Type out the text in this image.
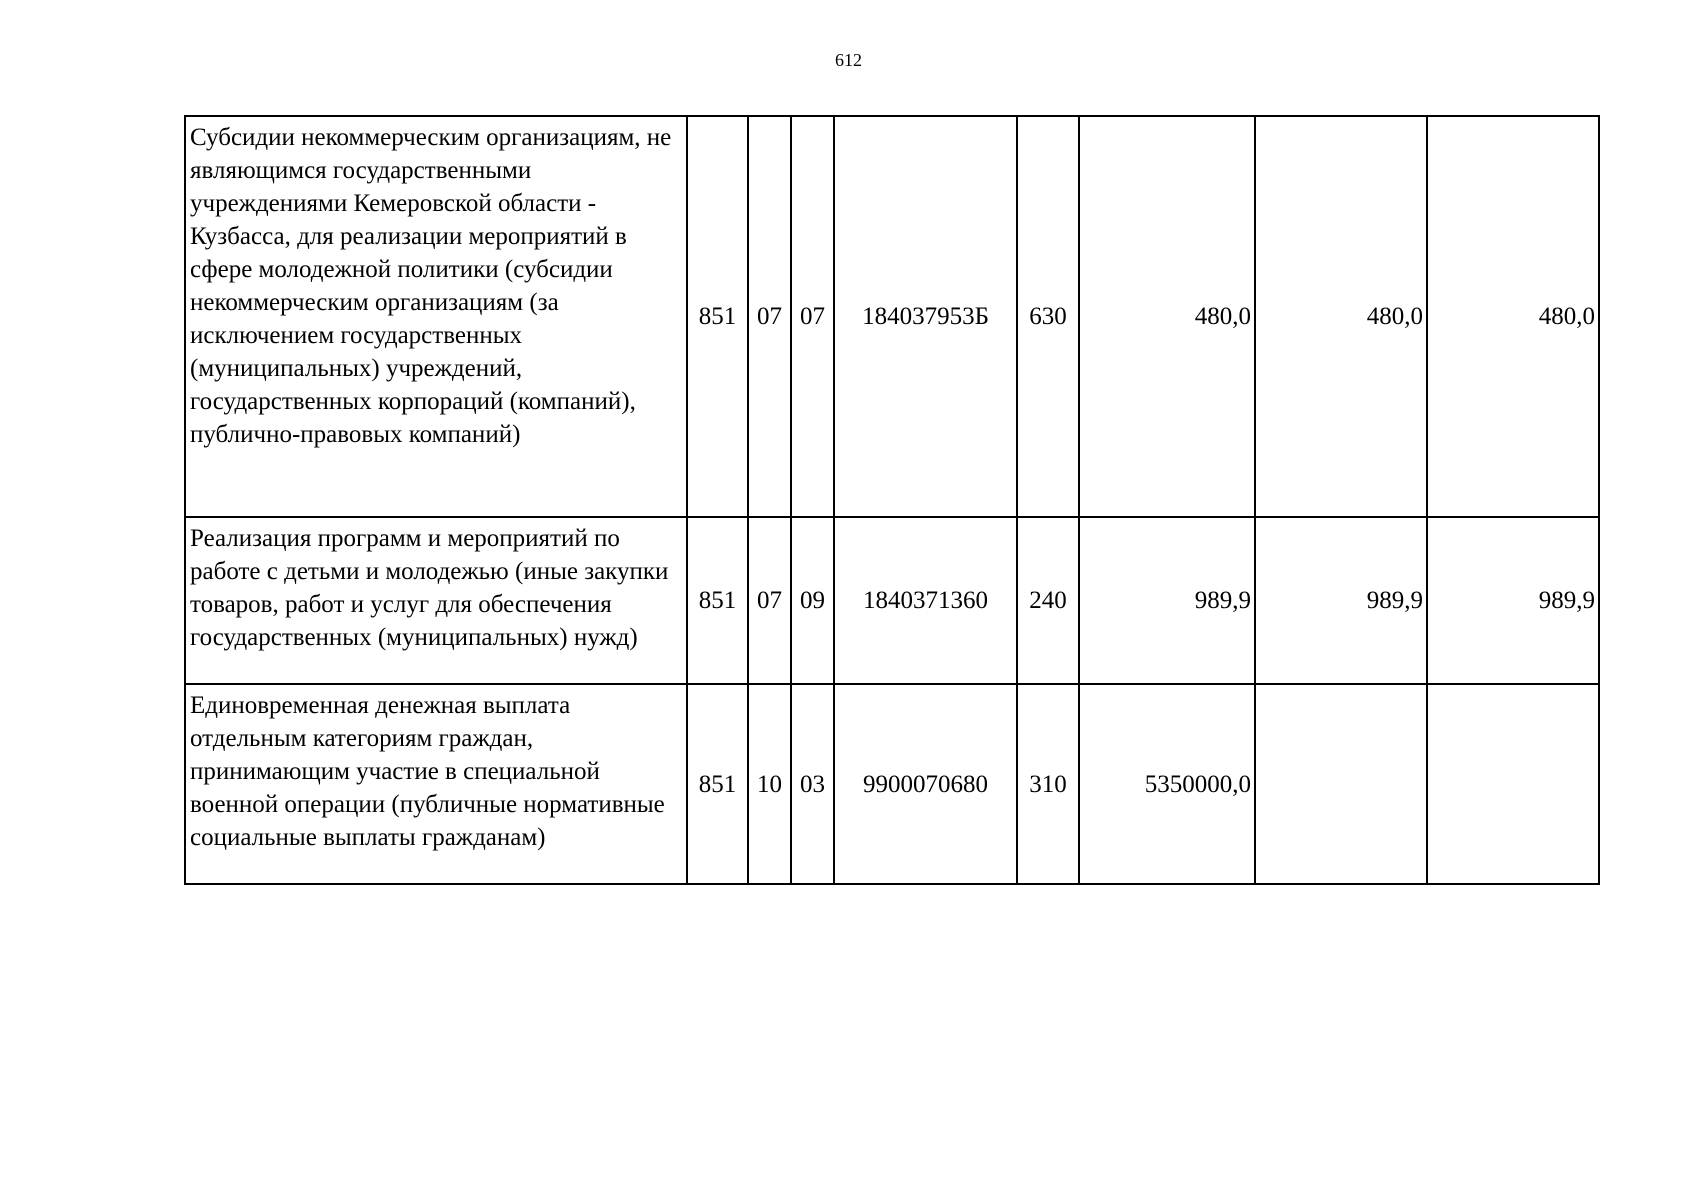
612
Субсидии некоммерческим организациям, не являющимся государственными учреждениями Кемеровской области - Кузбасса, для реализации мероприятий в сфере молодежной политики (субсидии некоммерческим организациям (за исключением государственных (муниципальных) учреждений, государственных корпораций (компаний), публично-правовых компаний)	851	07	07	184037953Б	630	480,0	480,0	480,0
Реализация программ и мероприятий по работе с детьми и молодежью (иные закупки товаров, работ и услуг для обеспечения государственных (муниципальных) нужд)	851	07	09	1840371360	240	989,9	989,9	989,9
Единовременная денежная выплата отдельным категориям граждан, принимающим участие в специальной военной операции (публичные нормативные социальные выплаты гражданам)	851	10	03	9900070680	310	5350000,0		
